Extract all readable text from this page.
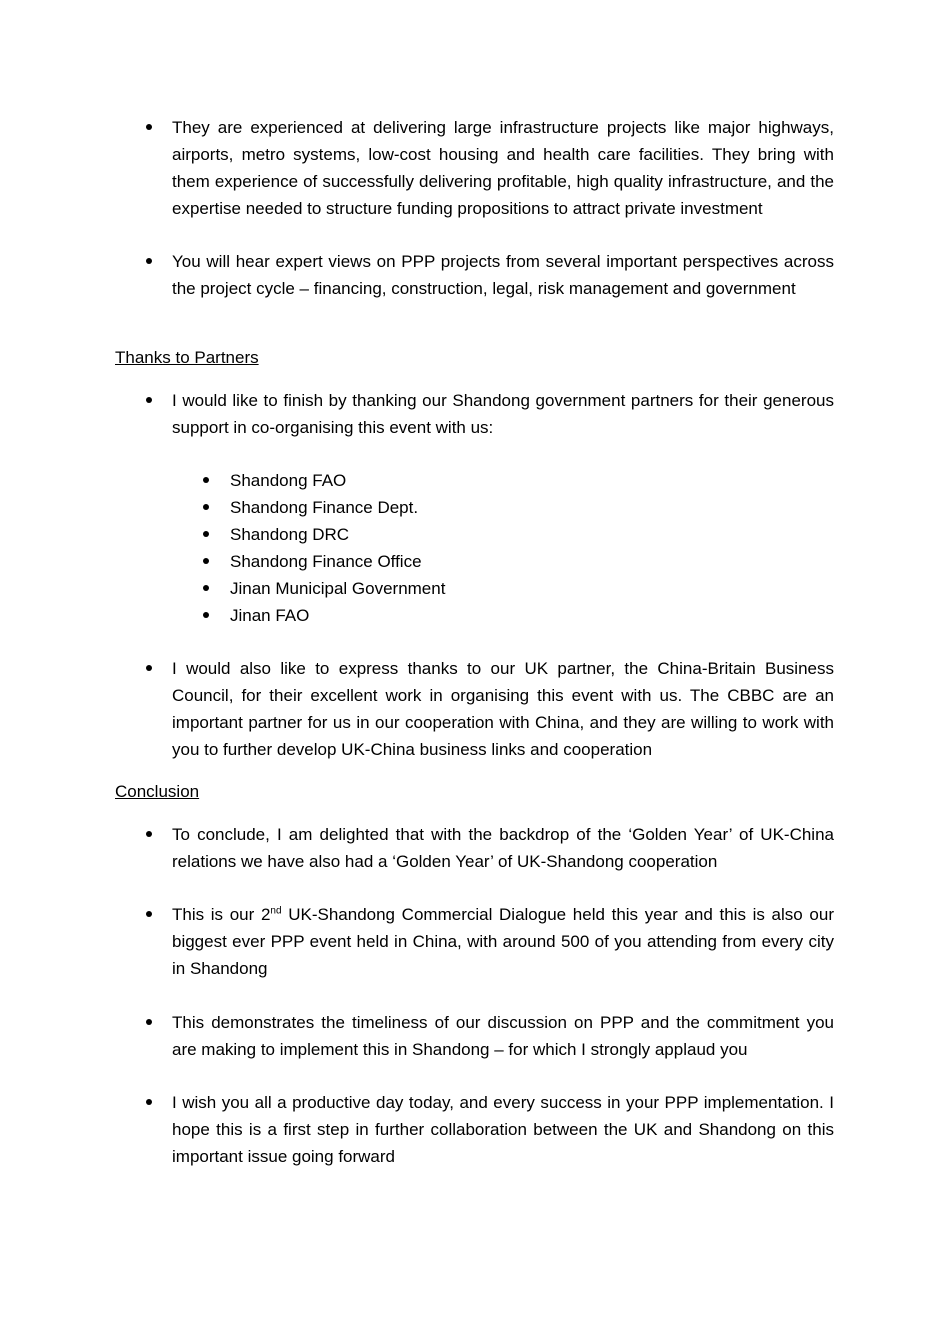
They are experienced at delivering large infrastructure projects like major highways, airports, metro systems, low-cost housing and health care facilities. They bring with them experience of successfully delivering profitable, high quality infrastructure, and the expertise needed to structure funding propositions to attract private investment
You will hear expert views on PPP projects from several important perspectives across the project cycle – financing, construction, legal, risk management and government
Thanks to Partners
I would like to finish by thanking our Shandong government partners for their generous support in co-organising this event with us:
Shandong FAO
Shandong Finance Dept.
Shandong DRC
Shandong Finance Office
Jinan Municipal Government
Jinan FAO
I would also like to express thanks to our UK partner, the China-Britain Business Council, for their excellent work in organising this event with us. The CBBC are an important partner for us in our cooperation with China, and they are willing to work with you to further develop UK-China business links and cooperation
Conclusion
To conclude, I am delighted that with the backdrop of the ‘Golden Year’ of UK-China relations we have also had a ‘Golden Year’ of UK-Shandong cooperation
This is our 2nd UK-Shandong Commercial Dialogue held this year and this is also our biggest ever PPP event held in China, with around 500 of you attending from every city in Shandong
This demonstrates the timeliness of our discussion on PPP and the commitment you are making to implement this in Shandong – for which I strongly applaud you
I wish you all a productive day today, and every success in your PPP implementation. I hope this is a first step in further collaboration between the UK and Shandong on this important issue going forward
